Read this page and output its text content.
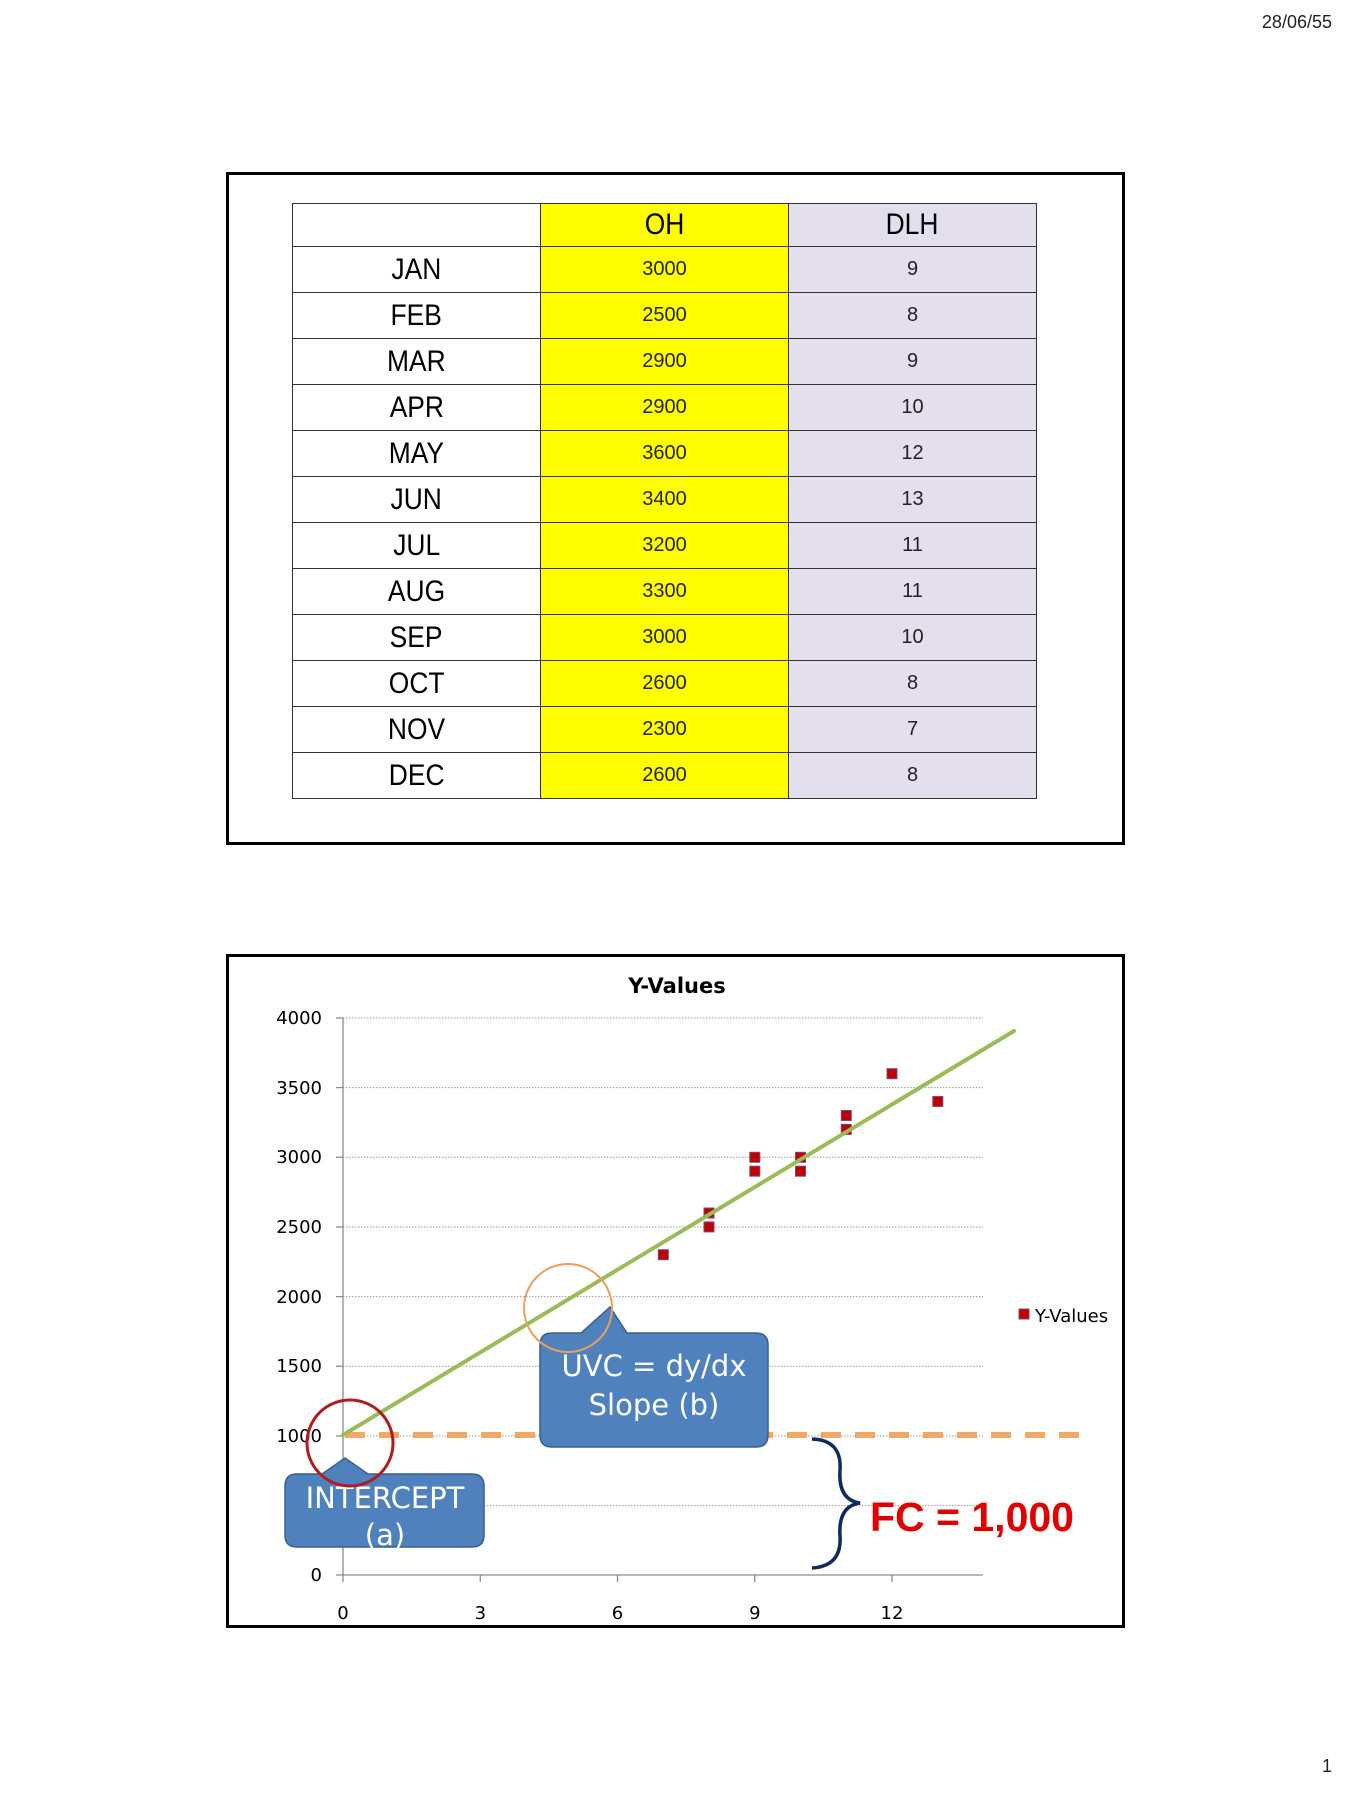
28/06/55
	OH	DLH
JAN	3000	9
FEB	2500	8
MAR	2900	9
APR	2900	10
MAY	3600	12
JUN	3400	13
JUL	3200	11
AUG	3300	11
SEP	3000	10
OCT	2600	8
NOV	2300	7
DEC	2600	8
Y-Values
4000
3500
3000
2500
2000
1500
1000
0
0	3	6	9	12
Y-Values
UVC = dy/dx
Slope (b)
INTERCEPT
(a)	FC = 1,000
1
